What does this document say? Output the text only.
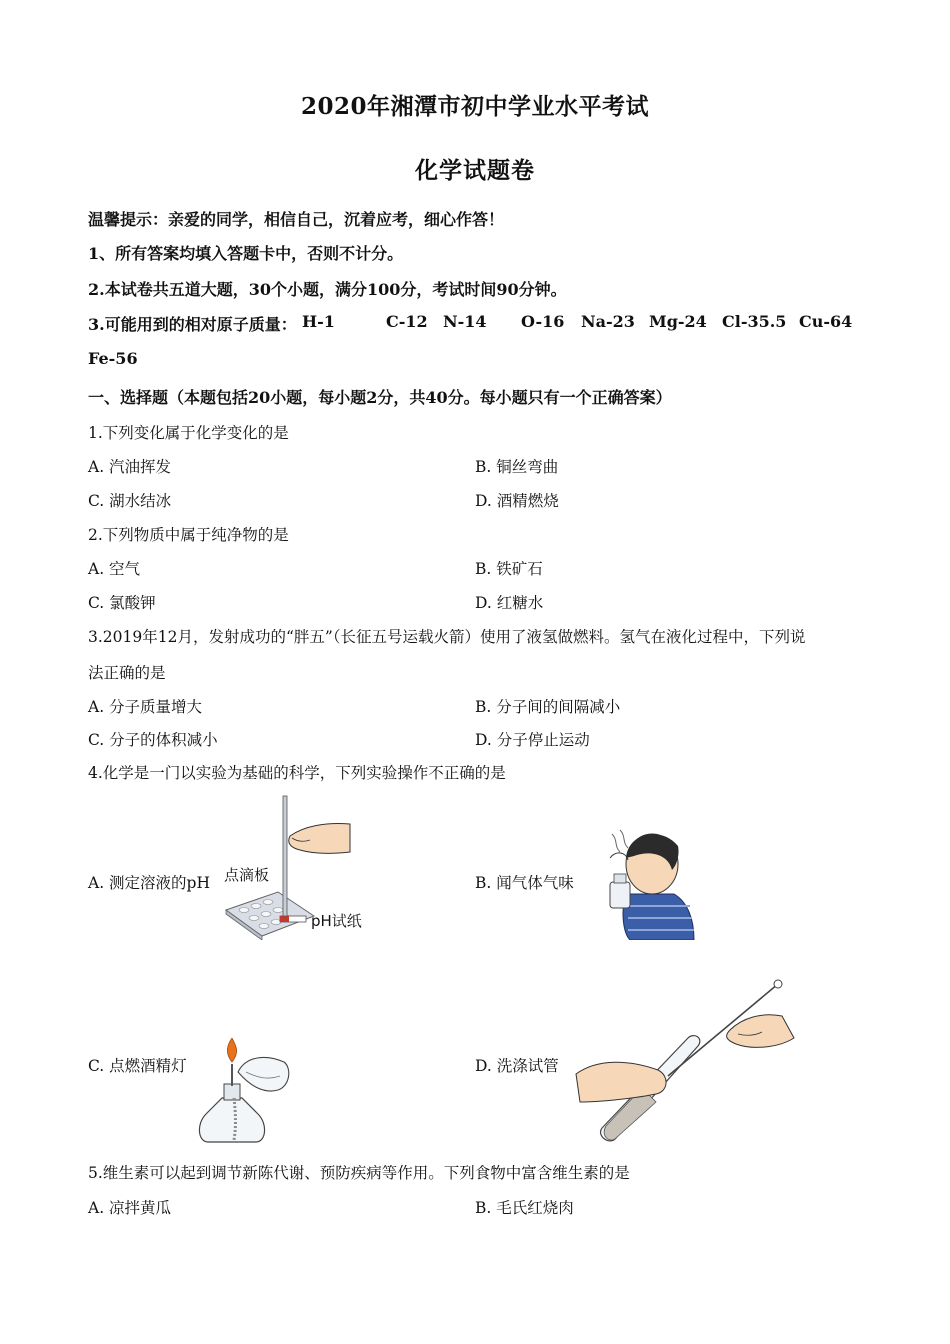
2020年湘潭市初中学业水平考试
化学试题卷
温馨提示：亲爱的同学，相信自己，沉着应考，细心作答！
1、所有答案均填入答题卡中，否则不计分。
2.本试卷共五道大题，30个小题，满分100分，考试时间90分钟。
3.可能用到的相对原子质量： H-1	C-12 N-14 O-16 Na-23 Mg-24 Cl-35.5 Cu-64
Fe-56
一、选择题（本题包括20小题，每小题2分，共40分。每小题只有一个正确答案）
1.下列变化属于化学变化的是
A. 汽油挥发	B. 铜丝弯曲
C. 湖水结冰	D. 酒精燃烧
2.下列物质中属于纯净物的是
A. 空气	B. 铁矿石
C. 氯酸钾	D. 红糖水
3.2019年12月，发射成功的“胖五”（长征五号运载火箭）使用了液氢做燃料。氢气在液化过程中，下列说
法正确的是
A. 分子质量增大	B. 分子间的间隔减小
C. 分子的体积减小	D. 分子停止运动
4.化学是一门以实验为基础的科学，下列实验操作不正确的是
A. 测定溶液的pH	B. 闻气体气味
C. 点燃酒精灯	D. 洗涤试管
点滴板
pH试纸
5.维生素可以起到调节新陈代谢、预防疾病等作用。下列食物中富含维生素的是
A. 凉拌黄瓜	B. 毛氏红烧肉
